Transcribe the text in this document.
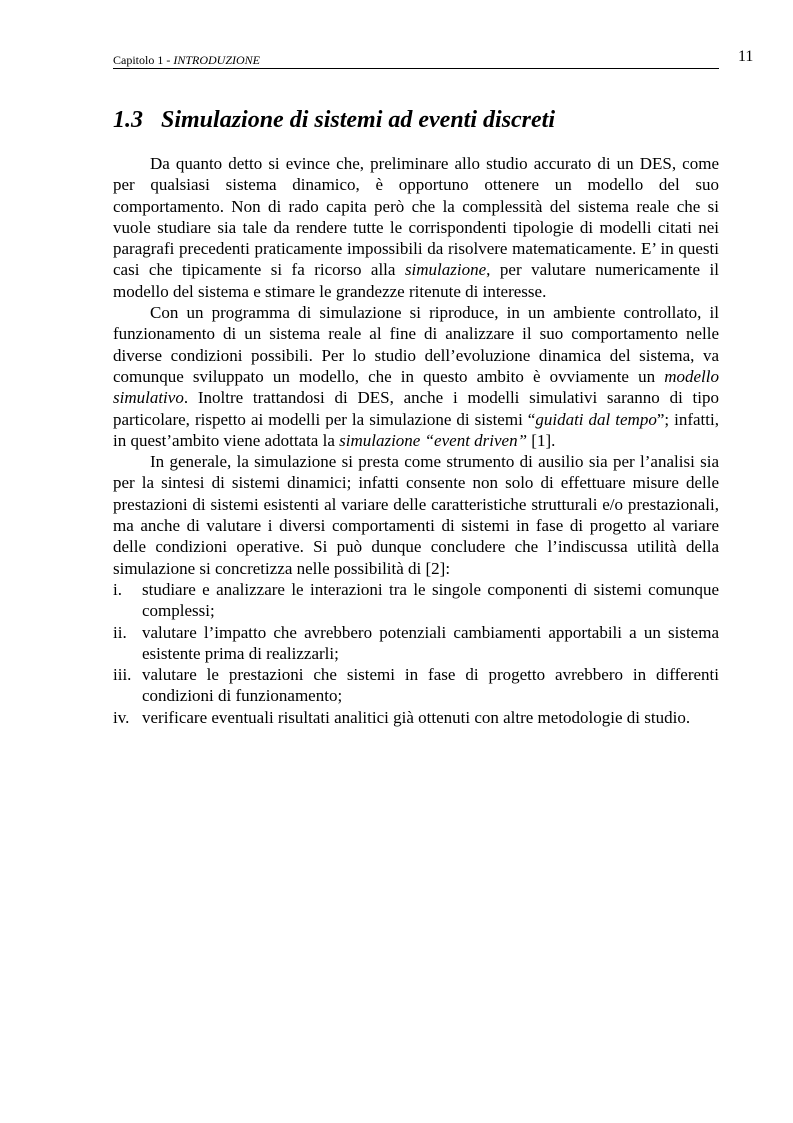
Capitolo 1 - INTRODUZIONE	11
1.3 Simulazione di sistemi ad eventi discreti

Da quanto detto si evince che, preliminare allo studio accurato di un DES, come per qualsiasi sistema dinamico, è opportuno ottenere un modello del suo comportamento. Non di rado capita però che la complessità del sistema reale che si vuole studiare sia tale da rendere tutte le corrispondenti tipologie di modelli citati nei paragrafi precedenti praticamente impossibili da risolvere matematicamente. E’ in questi casi che tipicamente si fa ricorso alla simulazione, per valutare numericamente il modello del sistema e stimare le grandezze ritenute di interesse.

Con un programma di simulazione si riproduce, in un ambiente controllato, il funzionamento di un sistema reale al fine di analizzare il suo comportamento nelle diverse condizioni possibili. Per lo studio dell’evoluzione dinamica del sistema, va comunque sviluppato un modello, che in questo ambito è ovviamente un modello simulativo. Inoltre trattandosi di DES, anche i modelli simulativi saranno di tipo particolare, rispetto ai modelli per la simulazione di sistemi “guidati dal tempo”; infatti, in quest’ambito viene adottata la simulazione “event driven” [1].

In generale, la simulazione si presta come strumento di ausilio sia per l’analisi sia per la sintesi di sistemi dinamici; infatti consente non solo di effettuare misure delle prestazioni di sistemi esistenti al variare delle caratteristiche strutturali e/o prestazionali, ma anche di valutare i diversi comportamenti di sistemi in fase di progetto al variare delle condizioni operative. Si può dunque concludere che l’indiscussa utilità della simulazione si concretizza nelle possibilità di [2]:

i. studiare e analizzare le interazioni tra le singole componenti di sistemi comunque complessi;
ii. valutare l’impatto che avrebbero potenziali cambiamenti apportabili a un sistema esistente prima di realizzarli;
iii. valutare le prestazioni che sistemi in fase di progetto avrebbero in differenti condizioni di funzionamento;
iv. verificare eventuali risultati analitici già ottenuti con altre metodologie di studio.
